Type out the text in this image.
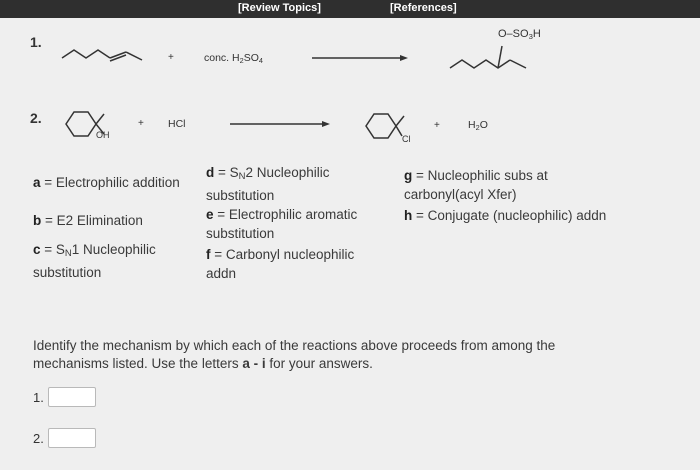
[Review Topics]	[References]
1.
+	conc. $H_2SO_4$
$O-SO_3H$
2.
OH
+ HCl
Cl
+	$H_2O$
a = Electrophilic addition
b = E2 Elimination
$c = S_N1$ Nucleophilic substitution
$d = S_N2$ Nucleophilic substitution
e = Electrophilic aromatic substitution
f = Carbonyl nucleophilic addn
g = Nucleophilic subs at carbonyl(acyl Xfer)
h = Conjugate (nucleophilic) addn
Identify the mechanism by which each of the reactions above proceeds from among the mechanisms listed. Use the letters a - i for your answers.
1.
2.
